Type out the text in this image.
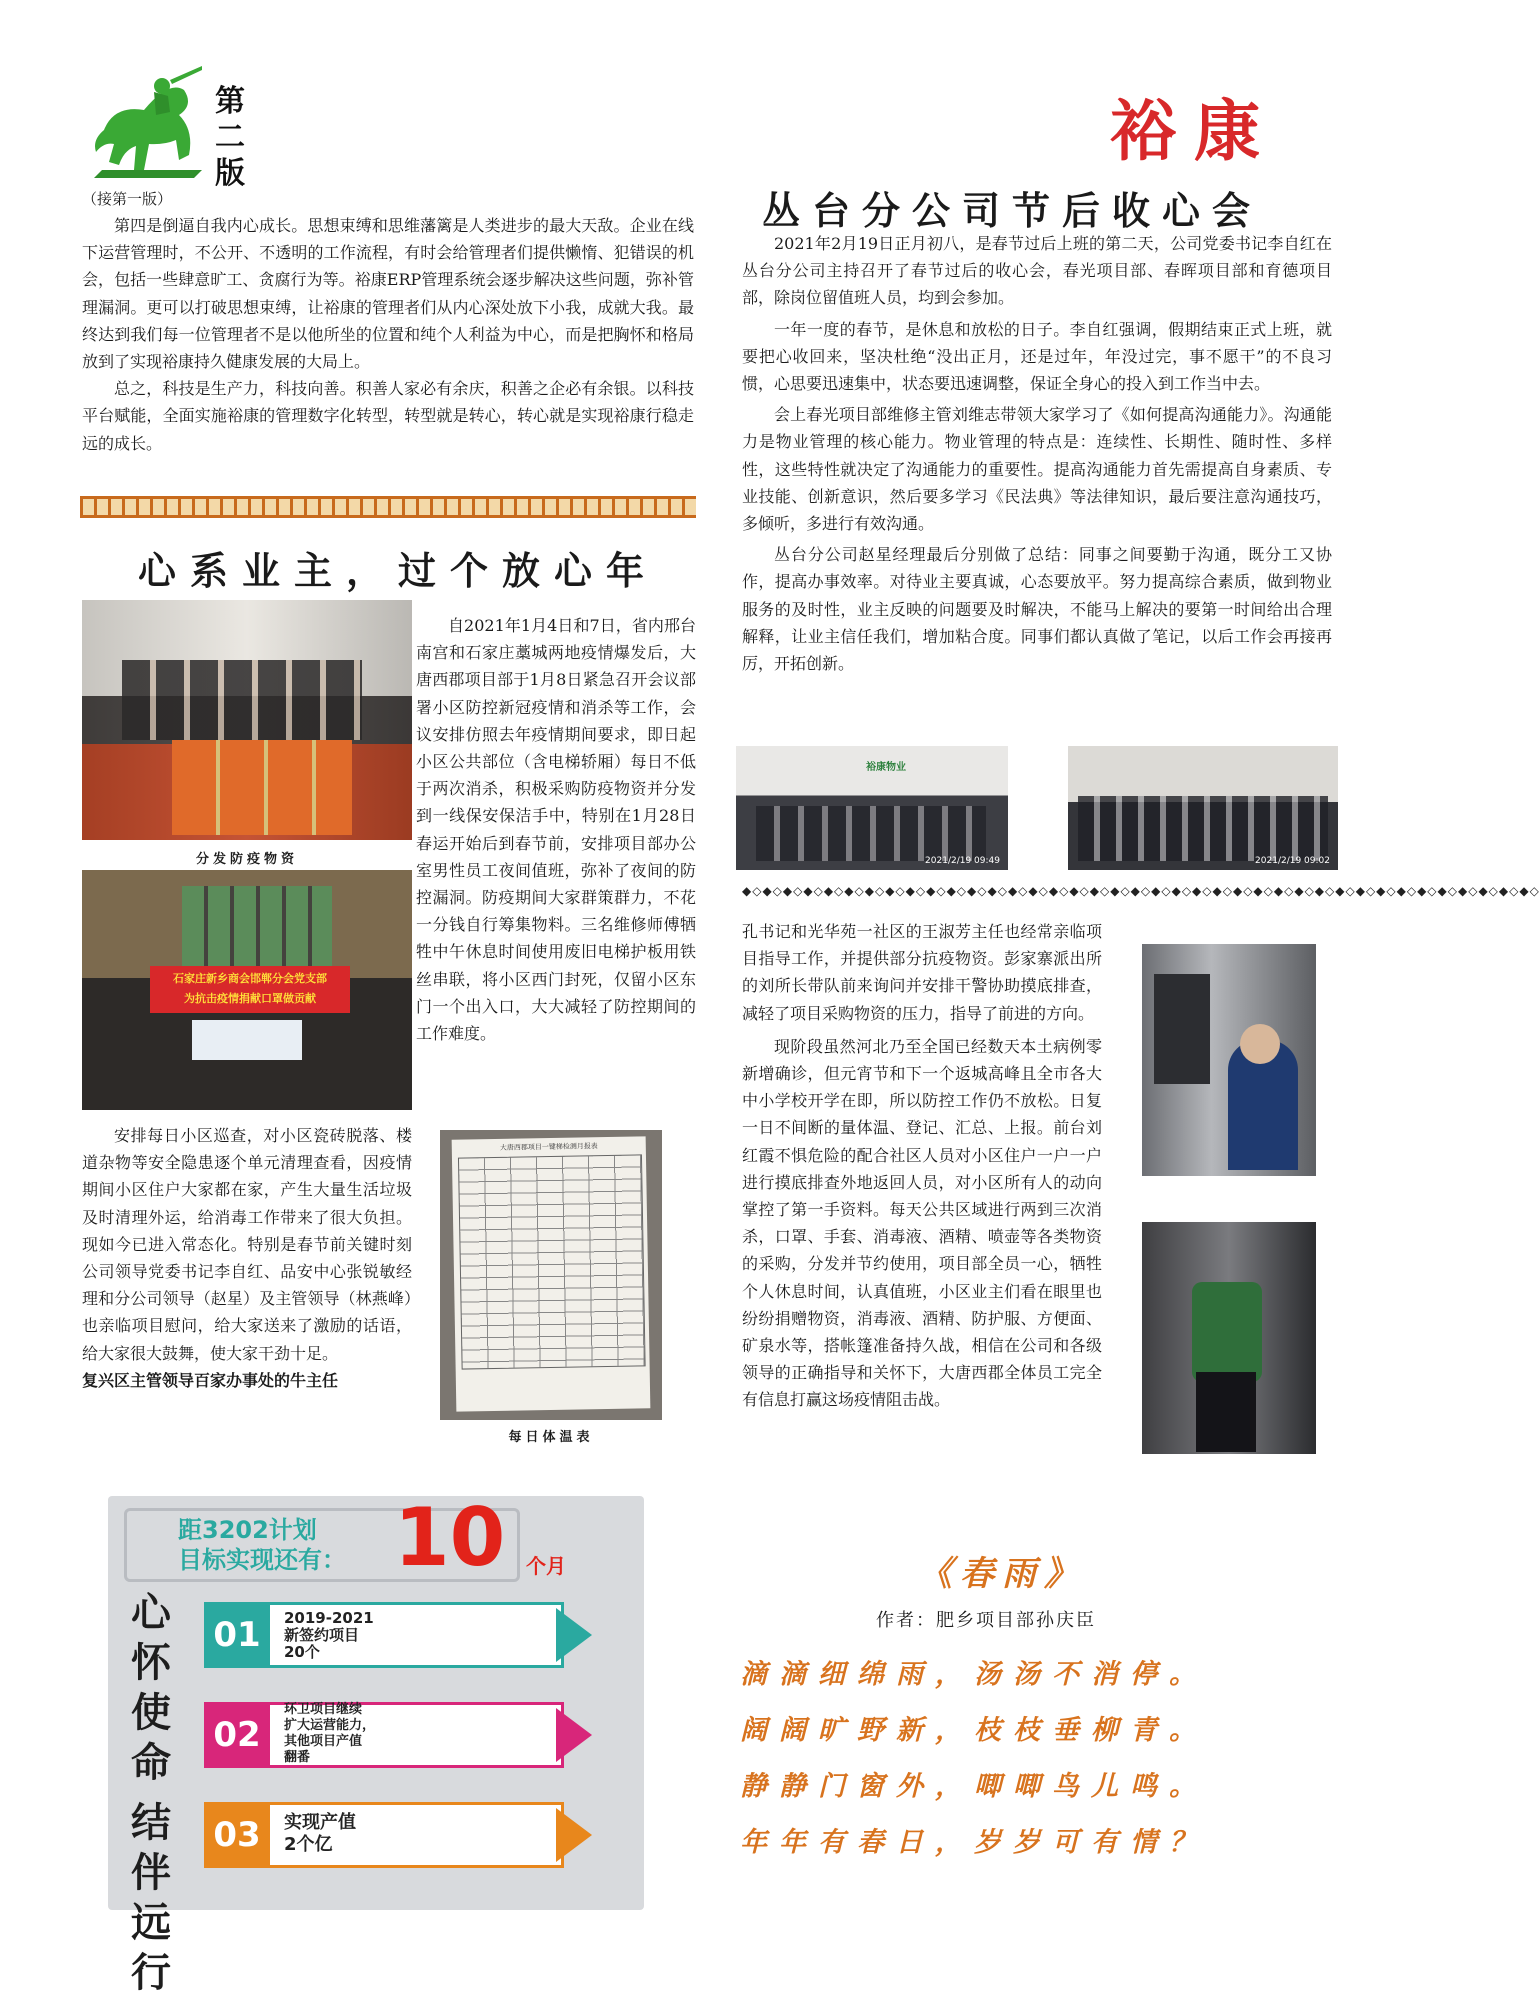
第二版
（接第一版）
裕康

第四是倒逼自我内心成长。思想束缚和思维藩篱是人类进步的最大天敌。企业在线下运营管理时，不公开、不透明的工作流程，有时会给管理者们提供懒惰、犯错误的机会，包括一些肆意旷工、贪腐行为等。裕康ERP管理系统会逐步解决这些问题，弥补管理漏洞。更可以打破思想束缚，让裕康的管理者们从内心深处放下小我，成就大我。最终达到我们每一位管理者不是以他所坐的位置和纯个人利益为中心，而是把胸怀和格局放到了实现裕康持久健康发展的大局上。

总之，科技是生产力，科技向善。积善人家必有余庆，积善之企必有余银。以科技平台赋能，全面实施裕康的管理数字化转型，转型就是转心，转心就是实现裕康行稳走远的成长。

心系业主，过个放心年
分发防疫物资
石家庄新乡商会邯郸分会党支部
为抗击疫情捐献口罩做贡献

自2021年1月4日和7日，省内邢台南宫和石家庄藁城两地疫情爆发后，大唐西郡项目部于1月8日紧急召开会议部署小区防控新冠疫情和消杀等工作，会议安排仿照去年疫情期间要求，即日起小区公共部位（含电梯轿厢）每日不低于两次消杀，积极采购防疫物资并分发到一线保安保洁手中，特别在1月28日春运开始后到春节前，安排项目部办公室男性员工夜间值班，弥补了夜间的防控漏洞。防疫期间大家群策群力，不花一分钱自行筹集物料。三名维修师傅牺牲中午休息时间使用废旧电梯护板用铁丝串联，将小区西门封死，仅留小区东门一个出入口，大大减轻了防控期间的工作难度。

安排每日小区巡查，对小区瓷砖脱落、楼道杂物等安全隐患逐个单元清理查看，因疫情期间小区住户大家都在家，产生大量生活垃圾及时清理外运，给消毒工作带来了很大负担。现如今已进入常态化。特别是春节前关键时刻公司领导党委书记李自红、品安中心张锐敏经理和分公司领导（赵星）及主管领导（林燕峰）也亲临项目慰问，给大家送来了激励的话语，给大家很大鼓舞，使大家干劲十足。

复兴区主管领导百家办事处的牛主任

大唐西郡项目一键梯检测月报表
每日体温表
丛台分公司节后收心会

2021年2月19日正月初八，是春节过后上班的第二天，公司党委书记李自红在丛台分公司主持召开了春节过后的收心会，春光项目部、春晖项目部和育德项目部，除岗位留值班人员，均到会参加。

一年一度的春节，是休息和放松的日子。李自红强调，假期结束正式上班，就要把心收回来，坚决杜绝“没出正月，还是过年，年没过完，事不愿干”的不良习惯，心思要迅速集中，状态要迅速调整，保证全身心的投入到工作当中去。

会上春光项目部维修主管刘维志带领大家学习了《如何提高沟通能力》。沟通能力是物业管理的核心能力。物业管理的特点是：连续性、长期性、随时性、多样性，这些特性就决定了沟通能力的重要性。提高沟通能力首先需提高自身素质、专业技能、创新意识，然后要多学习《民法典》等法律知识，最后要注意沟通技巧，多倾听，多进行有效沟通。

丛台分公司赵星经理最后分别做了总结：同事之间要勤于沟通，既分工又协作，提高办事效率。对待业主要真诚，心态要放平。努力提高综合素质，做到物业服务的及时性，业主反映的问题要及时解决，不能马上解决的要第一时间给出合理解释，让业主信任我们，增加粘合度。同事们都认真做了笔记，以后工作会再接再厉，开拓创新。

裕康物业
2021/2/19 09:49	2021/2/19 09:02
◆◇◆◇◆◇◆◇◆◇◆◇◆◇◆◇◆◇◆◇◆◇◆◇◆◇◆◇◆◇◆◇◆◇◆◇◆◇◆◇◆◇◆◇◆◇◆◇◆◇◆◇◆◇◆◇◆◇◆◇◆◇◆◇◆◇◆◇◆◇◆◇◆◇◆◇◆◇

孔书记和光华苑一社区的王淑芳主任也经常亲临项目指导工作，并提供部分抗疫物资。彭家寨派出所的刘所长带队前来询问并安排干警协助摸底排查，减轻了项目采购物资的压力，指导了前进的方向。

现阶段虽然河北乃至全国已经数天本土病例零新增确诊，但元宵节和下一个返城高峰且全市各大中小学校开学在即，所以防控工作仍不放松。日复一日不间断的量体温、登记、汇总、上报。前台刘红霞不惧危险的配合社区人员对小区住户一户一户进行摸底排查外地返回人员，对小区所有人的动向掌控了第一手资料。每天公共区域进行两到三次消杀，口罩、手套、消毒液、酒精、喷壶等各类物资的采购，分发并节约使用，项目部全员一心，牺牲个人休息时间，认真值班，小区业主们看在眼里也纷纷捐赠物资，消毒液、酒精、防护服、方便面、矿泉水等，搭帐篷准备持久战，相信在公司和各级领导的正确指导和关怀下，大唐西郡全体员工完全有信息打赢这场疫情阻击战。

距3202计划
目标实现还有： 10 个月
心
怀
使
命
结
伴
远
行
01	2019-2021
新签约项目
20个
02
环卫项目继续
扩大运营能力，
其他项目产值
翻番
03	实现产值
2个亿
《春雨》
作者：肥乡项目部孙庆臣
滴滴细绵雨，汤汤不消停。
阔阔旷野新，枝枝垂柳青。
静静门窗外，唧唧鸟儿鸣。
年年有春日，岁岁可有情？
